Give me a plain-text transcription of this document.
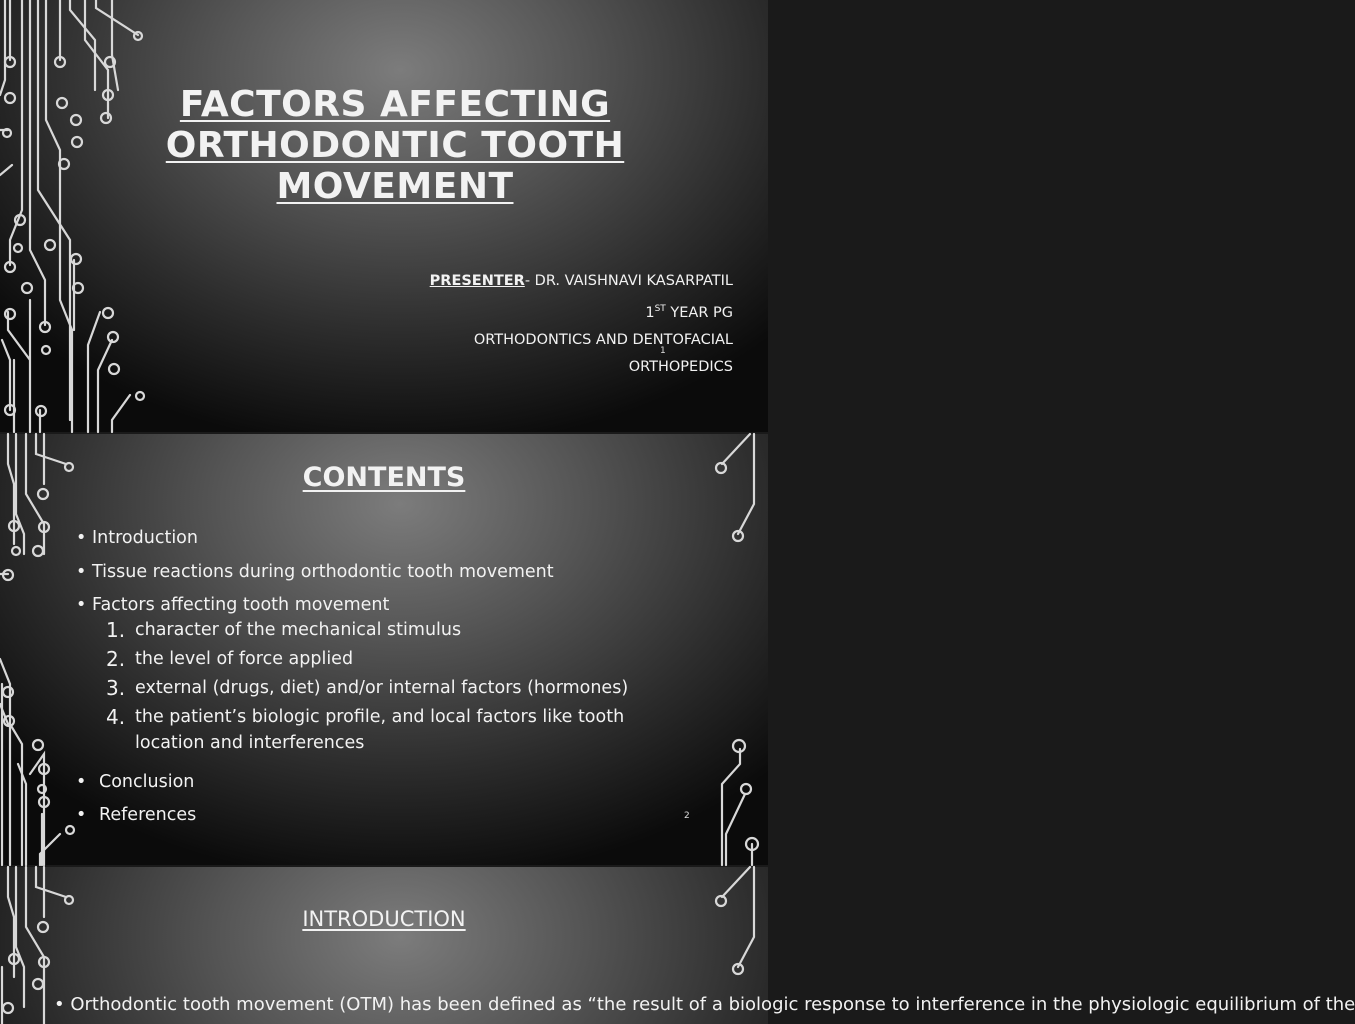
FACTORS AFFECTING ORTHODONTIC TOOTH MOVEMENT
PRESENTER- DR. VAISHNAVI KASARPATIL
1ST YEAR PG
ORTHODONTICS AND DENTOFACIAL
ORTHOPEDICS
1
CONTENTS
• Introduction
• Tissue reactions during orthodontic tooth movement
• Factors affecting tooth movement
1. character of the mechanical stimulus
2. the level of force applied
3. external (drugs, diet) and/or internal factors (hormones)
4. the patient’s biologic profile, and local factors like tooth location and interferences
• Conclusion
• References	2
INTRODUCTION
• Orthodontic tooth movement (OTM) has been defined as “the result of a biologic response to interference in the physiologic equilibrium of the
